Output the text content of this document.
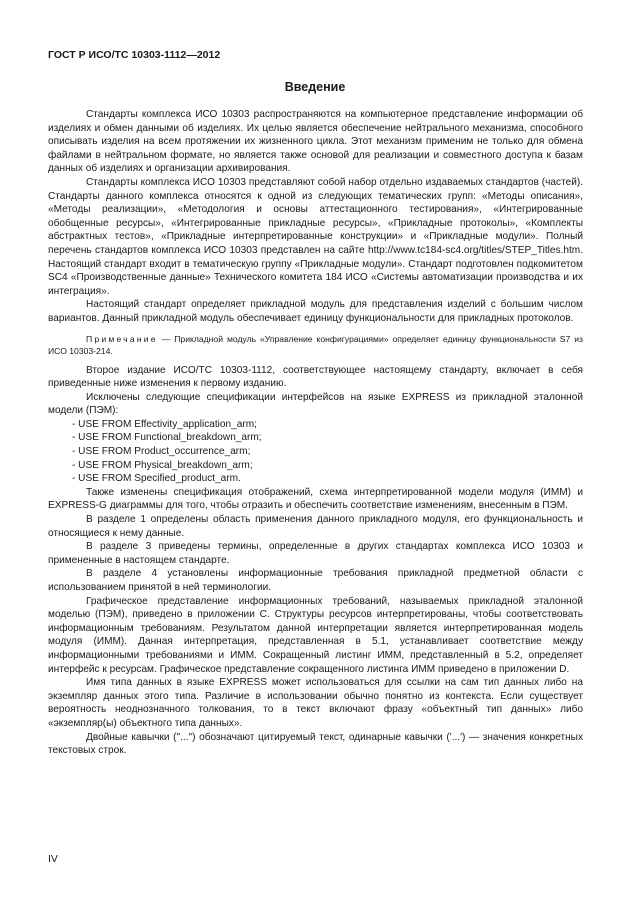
ГОСТ Р ИСО/ТС 10303-1112—2012
Введение

Стандарты комплекса ИСО 10303 распространяются на компьютерное представление информации об изделиях и обмен данными об изделиях. Их целью является обеспечение нейтрального механизма, способного описывать изделия на всем протяжении их жизненного цикла. Этот механизм применим не только для обмена файлами в нейтральном формате, но является также основой для реализации и совместного доступа к базам данных об изделиях и организации архивирования.

Стандарты комплекса ИСО 10303 представляют собой набор отдельно издаваемых стандартов (частей). Стандарты данного комплекса относятся к одной из следующих тематических групп: «Методы описания», «Методы реализации», «Методология и основы аттестационного тестирования», «Интегрированные обобщенные ресурсы», «Интегрированные прикладные ресурсы», «Прикладные протоколы», «Комплекты абстрактных тестов», «Прикладные интерпретированные конструкции» и «Прикладные модули». Полный перечень стандартов комплекса ИСО 10303 представлен на сайте http://www.tc184-sc4.org/titles/STEP_Titles.htm. Настоящий стандарт входит в тематическую группу «Прикладные модули». Стандарт подготовлен подкомитетом SC4 «Производственные данные» Технического комитета 184 ИСО «Системы автоматизации производства и их интеграция».

Настоящий стандарт определяет прикладной модуль для представления изделий с большим числом вариантов. Данный прикладной модуль обеспечивает единицу функциональности для прикладных протоколов.

Примечание — Прикладной модуль «Управление конфигурациями» определяет единицу функциональности S7 из ИСО 10303-214.

Второе издание ИСО/ТС 10303-1112, соответствующее настоящему стандарту, включает в себя приведенные ниже изменения к первому изданию.

Исключены следующие спецификации интерфейсов на языке EXPRESS из прикладной эталонной модели (ПЭМ):

- USE FROM Effectivity_application_arm;

- USE FROM Functional_breakdown_arm;

- USE FROM Product_occurrence_arm;

- USE FROM Physical_breakdown_arm;

- USE FROM Specified_product_arm.

Также изменены спецификация отображений, схема интерпретированной модели модуля (ИММ) и EXPRESS-G диаграммы для того, чтобы отразить и обеспечить соответствие изменениям, внесенным в ПЭМ.

В разделе 1 определены область применения данного прикладного модуля, его функциональность и относящиеся к нему данные.

В разделе 3 приведены термины, определенные в других стандартах комплекса ИСО 10303 и примененные в настоящем стандарте.

В разделе 4 установлены информационные требования прикладной предметной области с использованием принятой в ней терминологии.

Графическое представление информационных требований, называемых прикладной эталонной моделью (ПЭМ), приведено в приложении С. Структуры ресурсов интерпретированы, чтобы соответствовать информационным требованиям. Результатом данной интерпретации является интерпретированная модель модуля (ИММ). Данная интерпретация, представленная в 5.1, устанавливает соответствие между информационными требованиями и ИММ. Сокращенный листинг ИММ, представленный в 5.2, определяет интерфейс к ресурсам. Графическое представление сокращенного листинга ИММ приведено в приложении D.

Имя типа данных в языке EXPRESS может использоваться для ссылки на сам тип данных либо на экземпляр данных этого типа. Различие в использовании обычно понятно из контекста. Если существует вероятность неоднозначного толкования, то в текст включают фразу «объектный тип данных» либо «экземпляр(ы) объектного типа данных».

Двойные кавычки ("...") обозначают цитируемый текст, одинарные кавычки ('...') — значения конкретных текстовых строк.

IV
